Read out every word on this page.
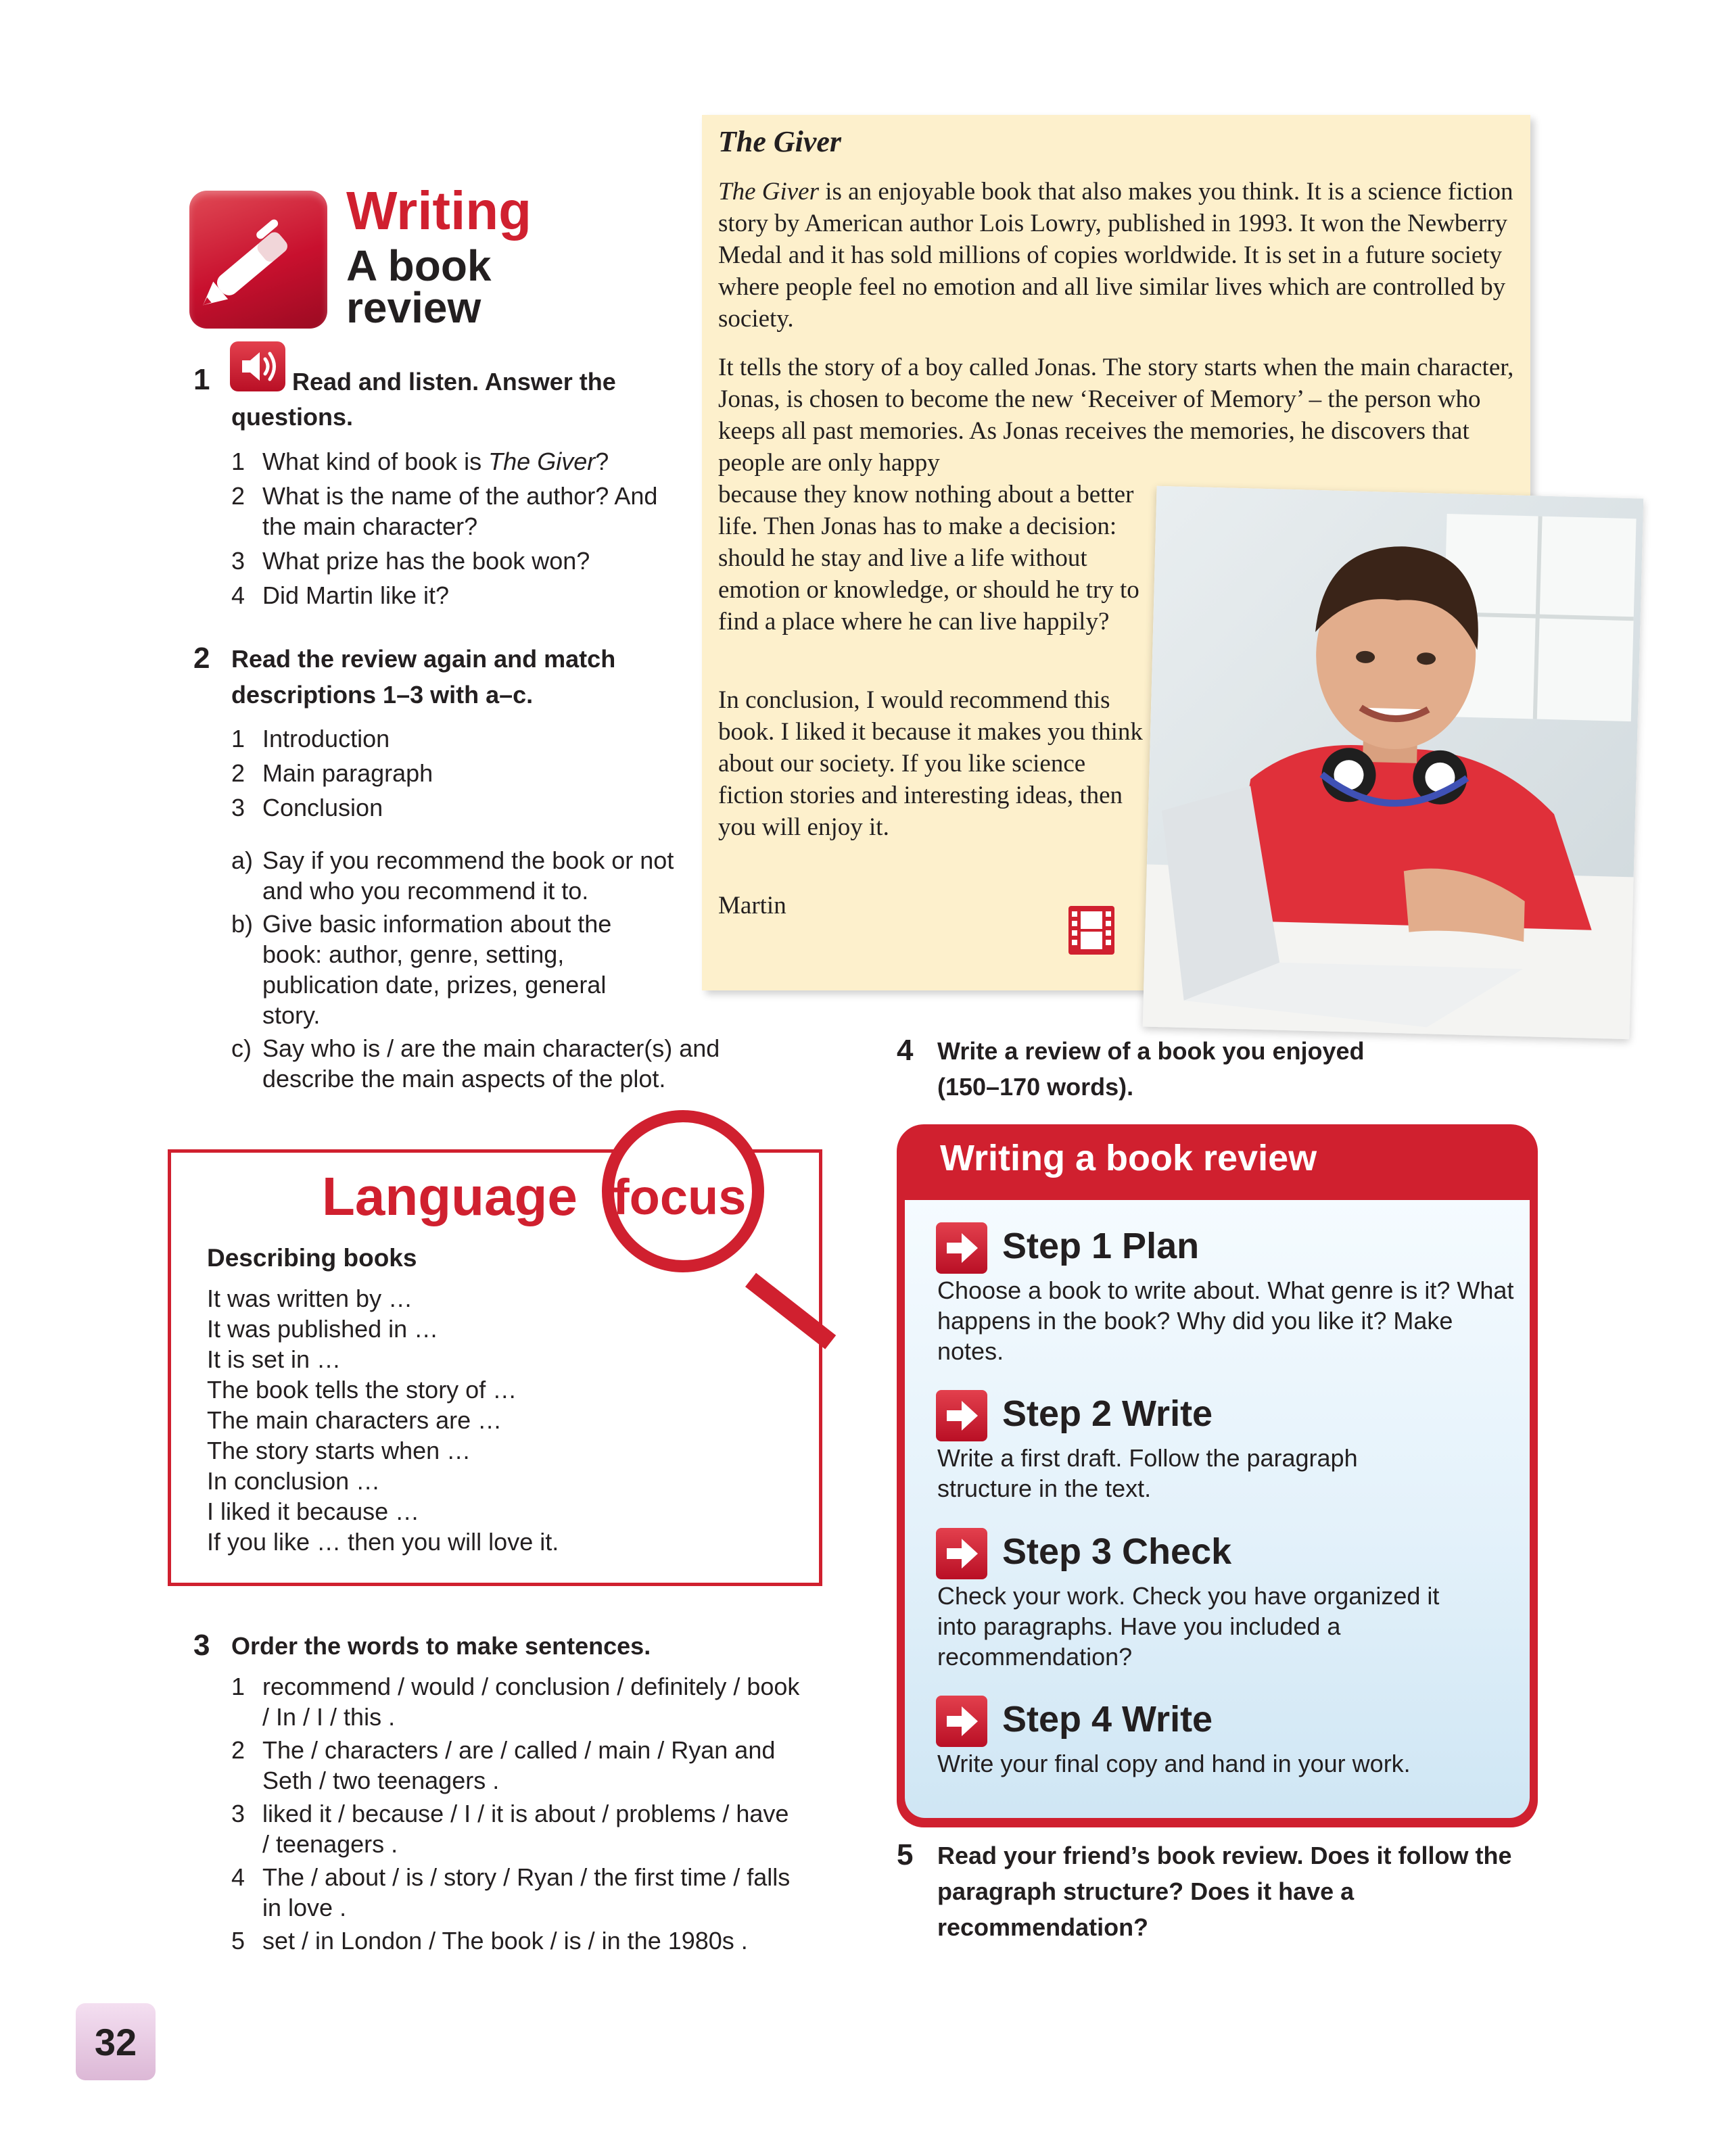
Writing
A book review
1	Read and listen. Answer the
questions.
1 What kind of book is The Giver?
2 What is the name of the author? And the main character?
3 What prize has the book won?
4 Did Martin like it?
2 Read the review again and match descriptions 1–3 with a–c.
1 Introduction
2 Main paragraph
3 Conclusion
a) Say if you recommend the book or not and who you recommend it to.
b) Give basic information about the book: author, genre, setting, publication date, prizes, general story.
c) Say who is / are the main character(s) and describe the main aspects of the plot.
The Giver
The Giver is an enjoyable book that also makes you think. It is a science fiction story by American author Lois Lowry, published in 1993. It won the Newberry Medal and it has sold millions of copies worldwide. It is set in a future society where people feel no emotion and all live similar lives which are controlled by society.
It tells the story of a boy called Jonas. The story starts when the main character, Jonas, is chosen to become the new ‘Receiver of Memory’ – the person who keeps all past memories. As Jonas receives the memories, he discovers that people are only happy
because they know nothing about a better life. Then Jonas has to make a decision: should he stay and live a life without emotion or knowledge, or should he try to find a place where he can live happily?
In conclusion, I would recommend this book. I liked it because it makes you think about our society. If you like science fiction stories and interesting ideas, then you will enjoy it.
Martin
4 Write a review of a book you enjoyed (150–170 words).
Language focus
Describing books
It was written by …
It was published in …
It is set in …
The book tells the story of …
The main characters are …
The story starts when …
In conclusion …
I liked it because …
If you like … then you will love it.
3 Order the words to make sentences.
1 recommend / would / conclusion / definitely / book / In / I / this .
2 The / characters / are / called / main / Ryan and Seth / two teenagers .
3 liked it / because / I / it is about / problems / have / teenagers .
4 The / about / is / story / Ryan / the first time / falls in love .
5 set / in London / The book / is / in the 1980s .
Writing a book review
Step 1 Plan
Choose a book to write about. What genre is it? What happens in the book? Why did you like it? Make notes.
Step 2 Write
Write a first draft. Follow the paragraph structure in the text.
Step 3 Check
Check your work. Check you have organized it into paragraphs. Have you included a recommendation?
Step 4 Write
Write your final copy and hand in your work.
5 Read your friend’s book review. Does it follow the paragraph structure? Does it have a recommendation?
32
